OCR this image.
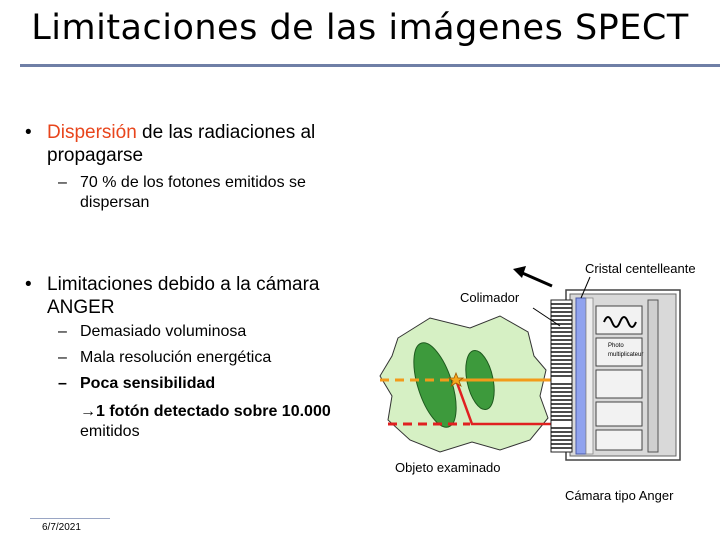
Limitaciones de las imágenes SPECT
• Dispersión de las radiaciones al
propagarse
– 70 % de los fotones emitidos se
dispersan
• Limitaciones debido a la cámara
ANGER
– Demasiado voluminosa
– Mala resolución energética
– Poca sensibilidad
→1 fotón detectado sobre 10.000
emitidos
Cristal centelleante
Colimador
Photo
multiplicateur
Objeto examinado
Cámara tipo Anger
6/7/2021
